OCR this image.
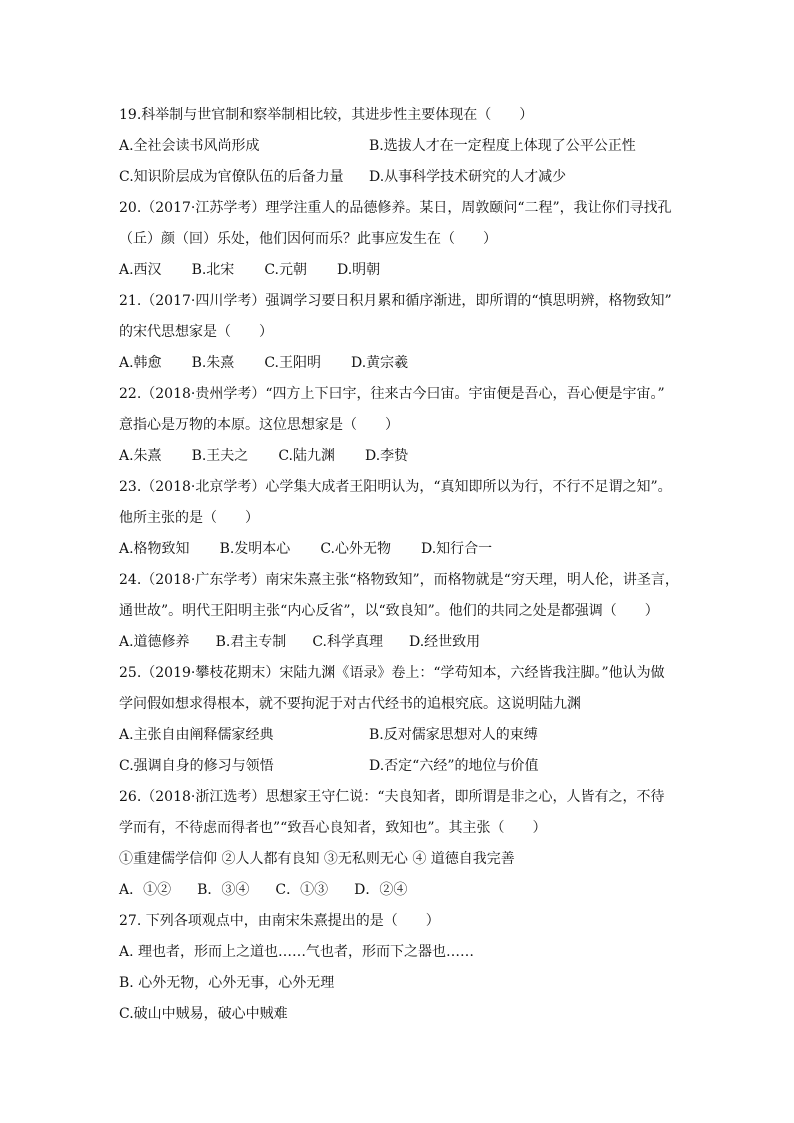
19.科举制与世官制和察举制相比较，其进步性主要体现在（　　）
A.全社会读书风尚形成	B.选拔人才在一定程度上体现了公平公正性
C.知识阶层成为官僚队伍的后备力量	D.从事科学技术研究的人才减少
20.（2017·江苏学考）理学注重人的品德修养。某日，周敦颐问“二程”，我让你们寻找孔
（丘）颜（回）乐处，他们因何而乐？此事应发生在（　　）
A.西汉 B.北宋 C.元朝 D.明朝
21.（2017·四川学考）强调学习要日积月累和循序渐进，即所谓的“慎思明辨，格物致知”
的宋代思想家是（　　）
A.韩愈 B.朱熹 C.王阳明 D.黄宗羲
22.（2018·贵州学考）“四方上下曰宇，往来古今曰宙。宇宙便是吾心，吾心便是宇宙。”
意指心是万物的本原。这位思想家是（　　）
A.朱熹 B.王夫之 C.陆九渊 D.李贽
23.（2018·北京学考）心学集大成者王阳明认为，“真知即所以为行，不行不足谓之知”。
他所主张的是（　　）
A.格物致知 B.发明本心 C.心外无物 D.知行合一
24.（2018·广东学考）南宋朱熹主张“格物致知”，而格物就是“穷天理，明人伦，讲圣言，
通世故”。明代王阳明主张“内心反省”，以“致良知”。他们的共同之处是都强调（　　）
A.道德修养 B.君主专制 C.科学真理 D.经世致用
25.（2019·攀枝花期末）宋陆九渊《语录》卷上：“学苟知本，六经皆我注脚。”他认为做
学问假如想求得根本，就不要拘泥于对古代经书的追根究底。这说明陆九渊
A.主张自由阐释儒家经典	B.反对儒家思想对人的束缚
C.强调自身的修习与领悟	D.否定“六经”的地位与价值
26.（2018·浙江选考）思想家王守仁说：“夫良知者，即所谓是非之心，人皆有之，不待
学而有，不待虑而得者也”“致吾心良知者，致知也”。其主张（　　）
①重建儒学信仰 ②人人都有良知 ③无私则无心 ④ 道德自我完善
A．①② B．③④ C．①③ D．②④
27. 下列各项观点中，由南宋朱熹提出的是（　　）
A. 理也者，形而上之道也……气也者，形而下之器也……
B. 心外无物，心外无事，心外无理
C.破山中贼易，破心中贼难
